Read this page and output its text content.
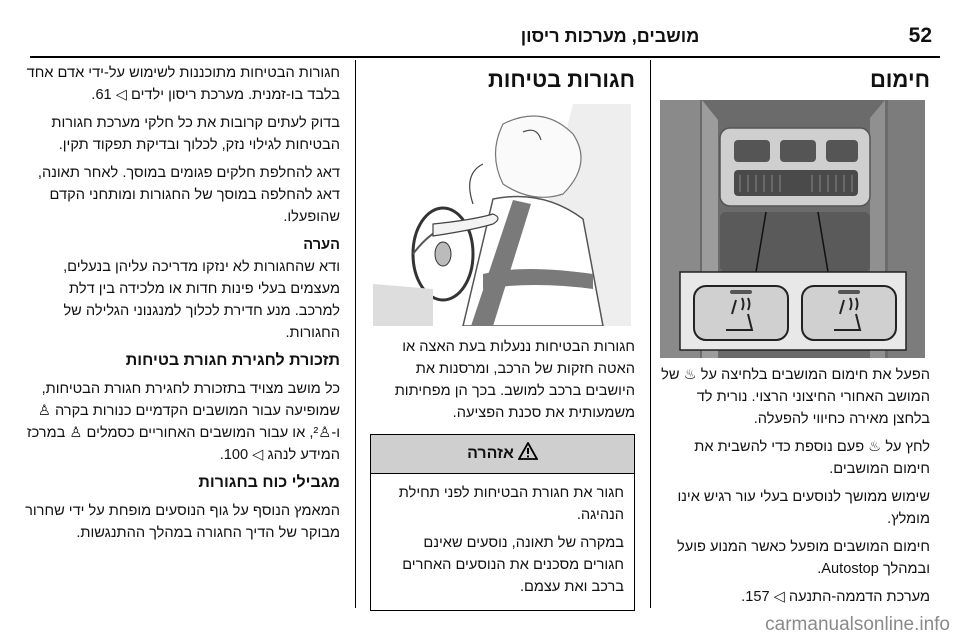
52
מושבים, מערכות ריסון
חימום

הפעל את חימום המושבים בלחיצה על ♨ של המושב האחורי החיצוני הרצוי. נורית לד בלחצן מאירה כחיווי להפעלה.

לחץ על ♨ פעם נוספת כדי להשבית את חימום המושבים.

שימוש ממושך לנוסעים בעלי עור רגיש אינו מומלץ.

חימום המושבים מופעל כאשר המנוע פועל ובמהלך Autostop.

מערכת הדממה-התנעה ◁ 157.

חגורות בטיחות

חגורות הבטיחות ננעלות בעת האצה או האטה חזקות של הרכב, ומרסנות את היושבים ברכב למושב. בכך הן מפחיתות משמעותית את סכנת הפציעה.

אזהרה

חגור את חגורת הבטיחות לפני תחילת הנהיגה.

במקרה של תאונה, נוסעים שאינם חגורים מסכנים את הנוסעים האחרים ברכב ואת עצמם.

חגורות הבטיחות מתוכננות לשימוש על-ידי אדם אחד בלבד בו-זמנית. מערכת ריסון ילדים ◁ 61.

בדוק לעתים קרובות את כל חלקי מערכת חגורות הבטיחות לגילוי נזק, לכלוך ובדיקת תפקוד תקין.

דאג להחלפת חלקים פגומים במוסך. לאחר תאונה, דאג להחלפה במוסך של החגורות ומותחני הקדם שהופעלו.

הערה

ודא שהחגורות לא ינזקו מדריכה עליהן בנעלים, מעצמים בעלי פינות חדות או מלכידה בין דלת למרכב. מנע חדירת לכלוך למנגנוני הגלילה של החגורות.

תזכורת לחגירת חגורת בטיחות

כל מושב מצויד בתזכורת לחגירת חגורת הבטיחות, שמופיעה עבור המושבים הקדמיים כנורות בקרה ♙ ו-♙², או עבור המושבים האחוריים כסמלים ♙ במרכז המידע לנהג ◁ 100.

מגבילי כוח בחגורות

המאמץ הנוסף על גוף הנוסעים מופחת על ידי שחרור מבוקר של הדיך החגורה במהלך ההתנגשות.

carmanualsonline.info
